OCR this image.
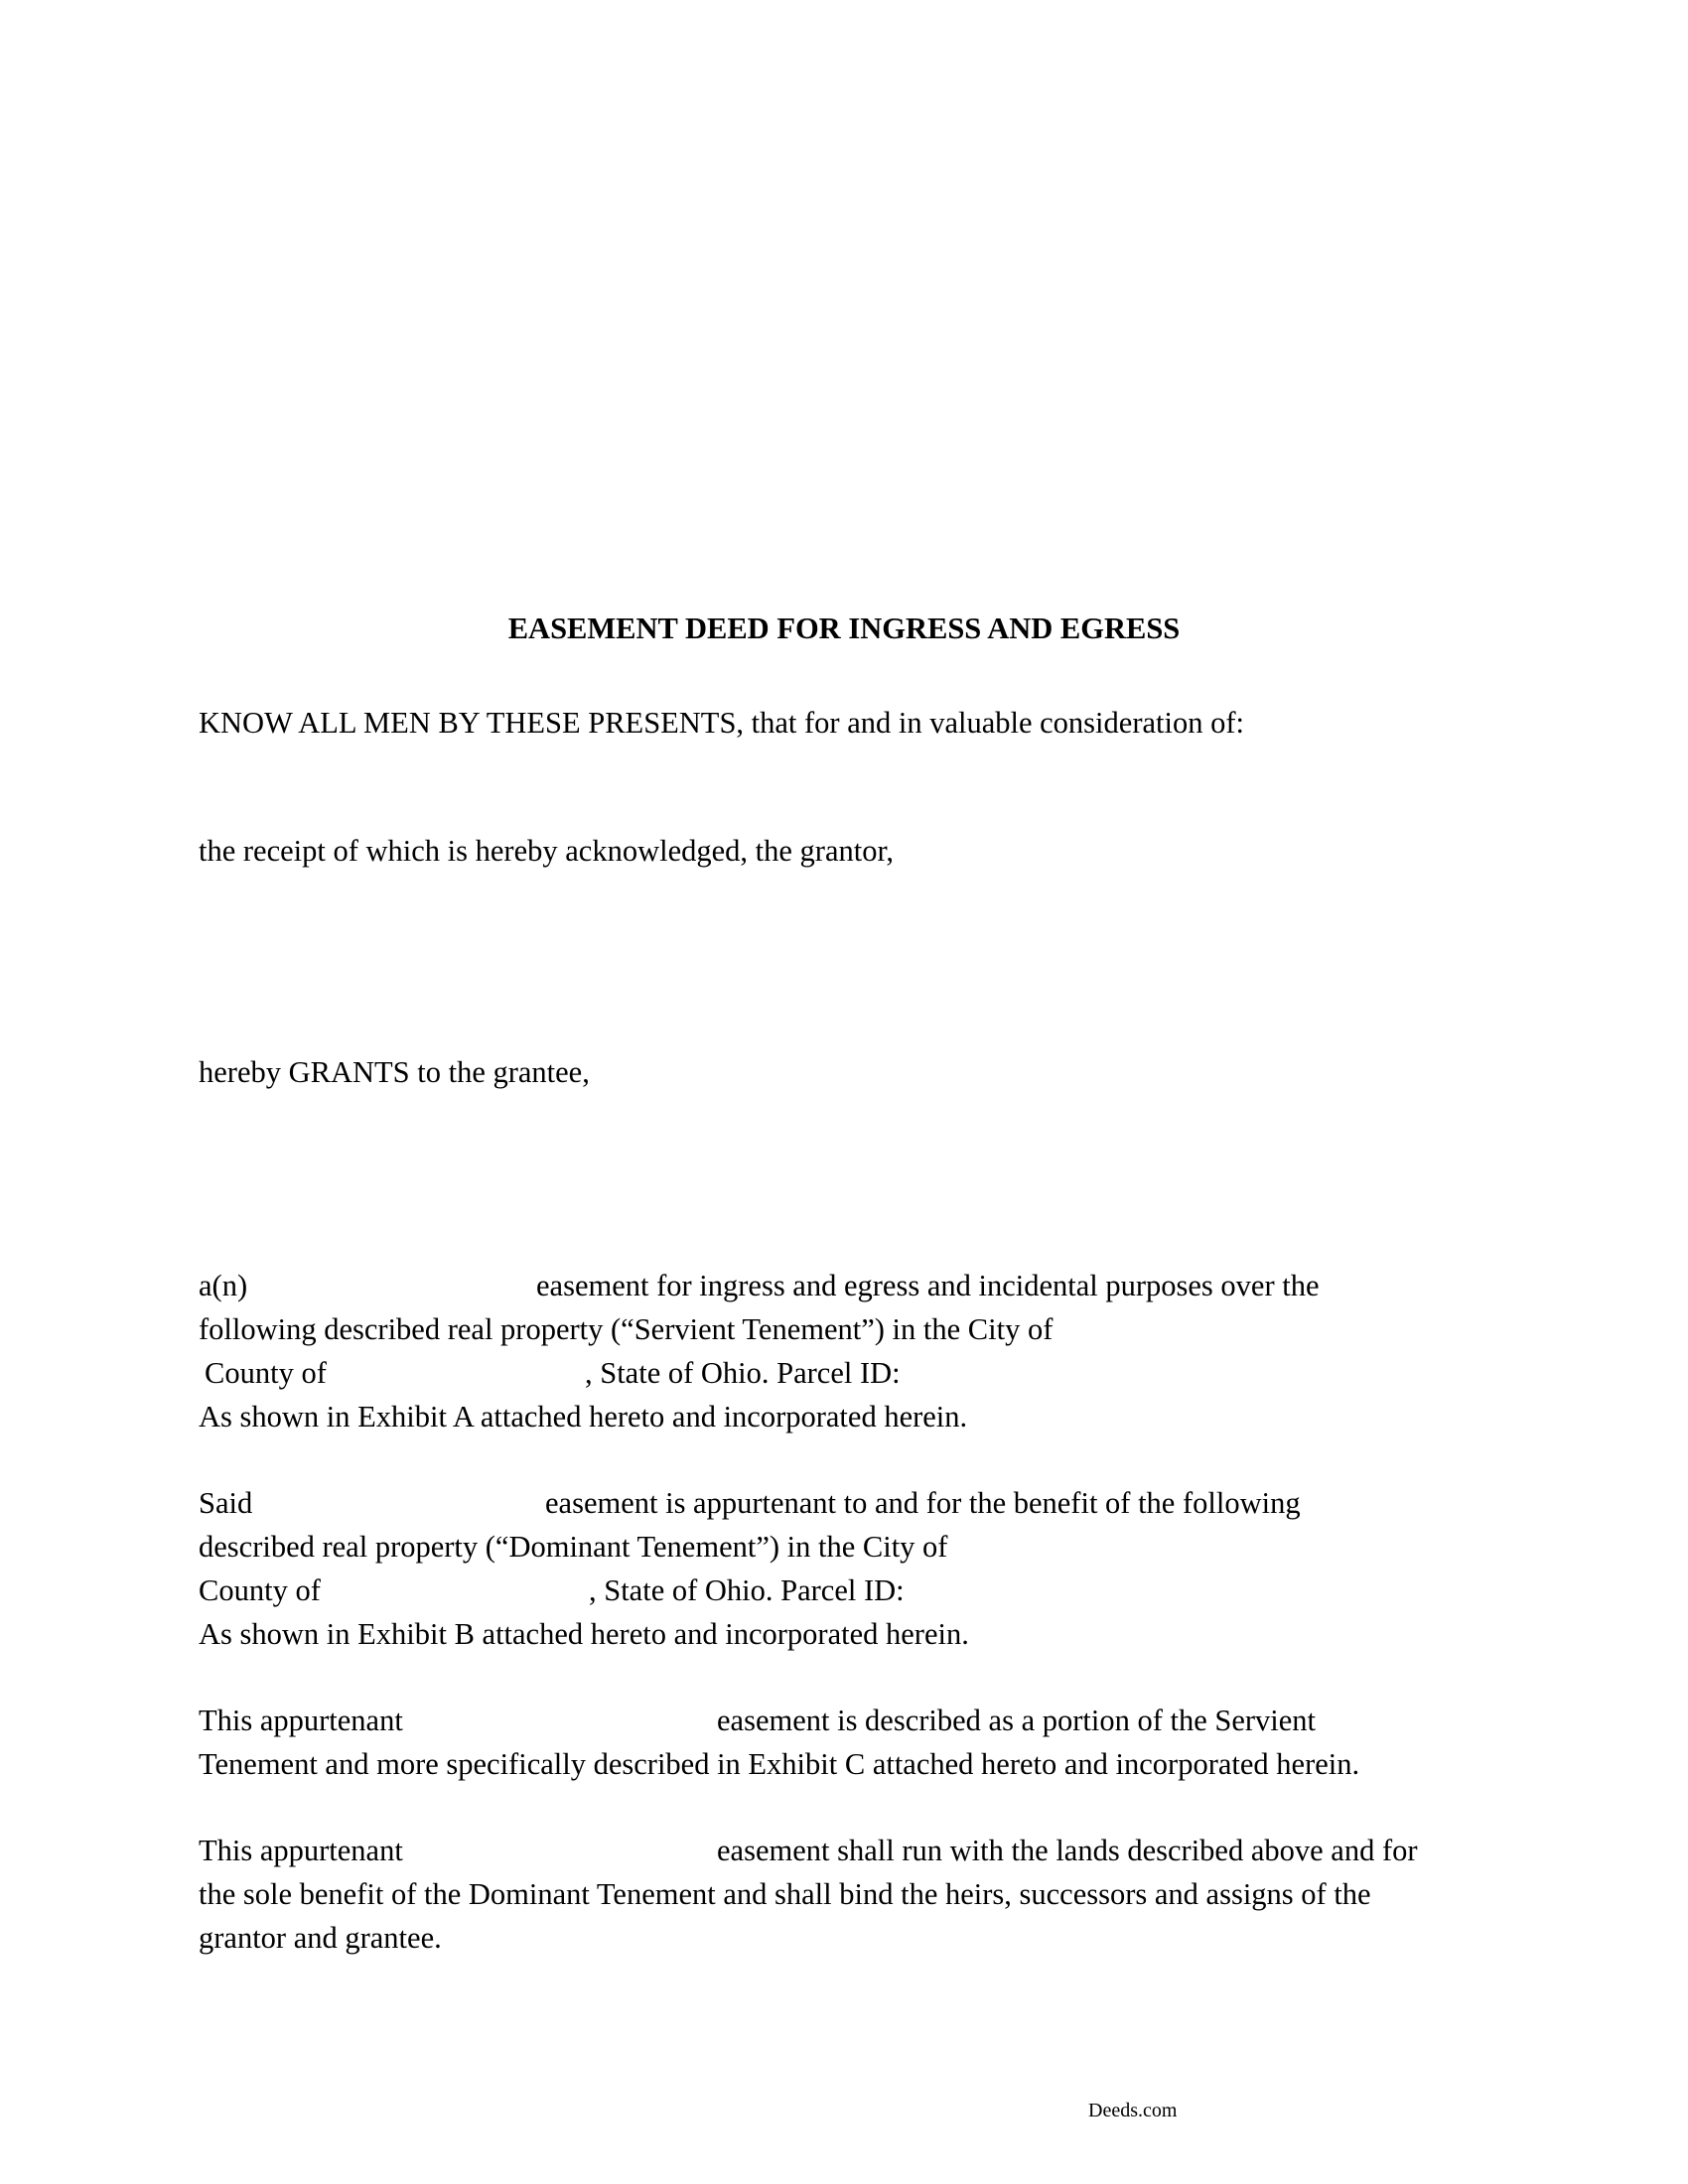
EASEMENT DEED FOR INGRESS AND EGRESS
KNOW ALL MEN BY THESE PRESENTS, that for and in valuable consideration of:
the receipt of which is hereby acknowledged, the grantor,
hereby GRANTS to the grantee,
a(n)	easement for ingress and egress and incidental purposes over the
following described real property (“Servient Tenement”) in the City of
County of	, State of Ohio. Parcel ID:
As shown in Exhibit A attached hereto and incorporated herein.
Said	easement is appurtenant to and for the benefit of the following
described real property (“Dominant Tenement”) in the City of
County of	, State of Ohio. Parcel ID:
As shown in Exhibit B attached hereto and incorporated herein.
This appurtenant	easement is described as a portion of the Servient
Tenement and more specifically described in Exhibit C attached hereto and incorporated herein.
This appurtenant	easement shall run with the lands described above and for
the sole benefit of the Dominant Tenement and shall bind the heirs, successors and assigns of the
grantor and grantee.
Deeds.com
